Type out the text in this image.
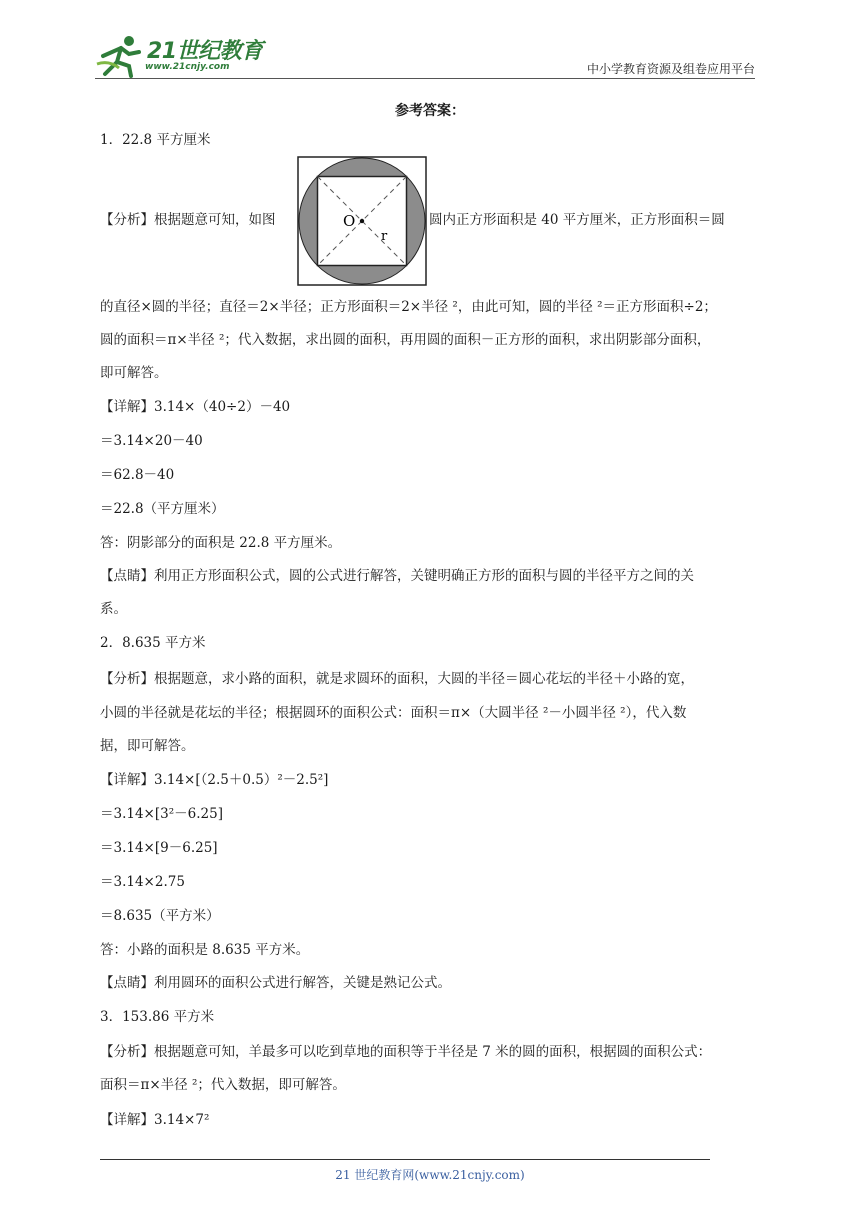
21世纪教育
www.21cnjy.com	中小学教育资源及组卷应用平台
参考答案：
O
r
1．22.8 平方厘米
【分析】根据题意可知，如图	圆内正方形面积是 40 平方厘米，正方形面积＝圆
的直径×圆的半径；直径＝2×半径；正方形面积＝2×半径 ²，由此可知，圆的半径 ²＝正方形面积÷2；
圆的面积＝π×半径 ²；代入数据，求出圆的面积，再用圆的面积－正方形的面积，求出阴影部分面积，
即可解答。
【详解】3.14×（40÷2）－40
＝3.14×20－40
＝62.8－40
＝22.8（平方厘米）
答：阴影部分的面积是 22.8 平方厘米。
【点睛】利用正方形面积公式，圆的公式进行解答，关键明确正方形的面积与圆的半径平方之间的关
系。
2．8.635 平方米
【分析】根据题意，求小路的面积，就是求圆环的面积，大圆的半径＝圆心花坛的半径＋小路的宽，
小圆的半径就是花坛的半径；根据圆环的面积公式：面积＝π×（大圆半径 ²－小圆半径 ²），代入数
据，即可解答。
【详解】3.14×[（2.5＋0.5）²－2.5²]
＝3.14×[3²－6.25]
＝3.14×[9－6.25]
＝3.14×2.75
＝8.635（平方米）
答：小路的面积是 8.635 平方米。
【点睛】利用圆环的面积公式进行解答，关键是熟记公式。
3．153.86 平方米
【分析】根据题意可知，羊最多可以吃到草地的面积等于半径是 7 米的圆的面积，根据圆的面积公式：
面积＝π×半径 ²；代入数据，即可解答。
【详解】3.14×7²
21 世纪教育网(www.21cnjy.com)
